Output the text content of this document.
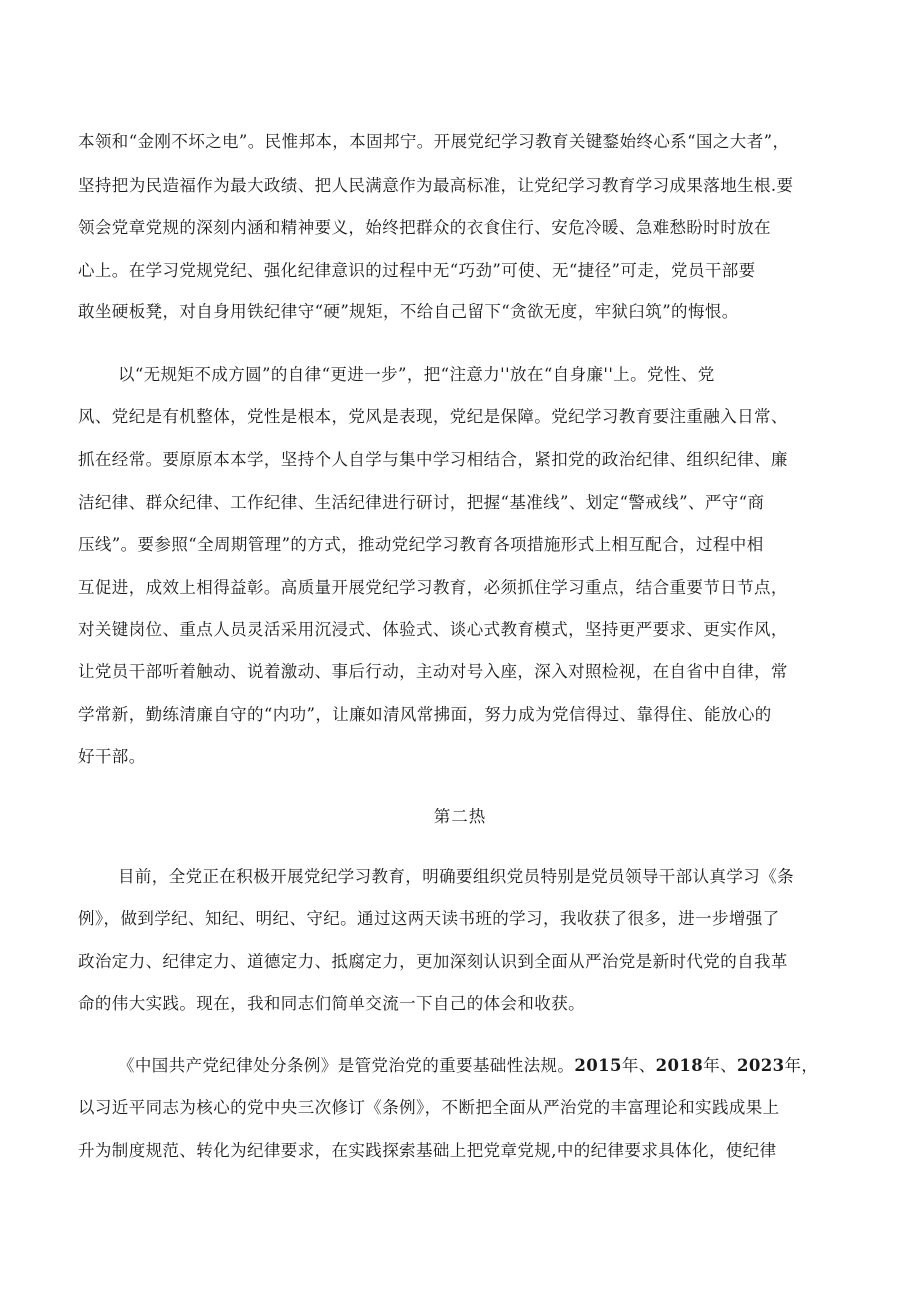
本领和“金刚不坏之电”。民惟邦本，本固邦宁。开展党纪学习教育关键鍪始终心系“国之大者”，
坚持把为民造福作为最大政绩、把人民满意作为最高标准，让党纪学习教育学习成果落地生根.要
领会党章党规的深刻内涵和精神要义，始终把群众的衣食住行、安危冷暖、急难愁盼时时放在
心上。在学习党规党纪、强化纪律意识的过程中无“巧劲”可使、无“捷径”可走，党员干部要
敢坐硬板凳，对自身用铁纪律守“硬”规矩，不给自己留下“贪欲无度，牢狱臼筑”的悔恨。
以“无规矩不成方圆”的自律“更进一步”，把“注意力''放在“自身廉''上。党性、党
风、党纪是有机整体，党性是根本，党风是表现，党纪是保障。党纪学习教育要注重融入日常、
抓在经常。要原原本本学，坚持个人自学与集中学习相结合，紧扣党的政治纪律、组织纪律、廉
洁纪律、群众纪律、工作纪律、生活纪律进行研讨，把握“基准线”、划定“警戒线”、严守“商
压线”。要参照“全周期管理”的方式，推动党纪学习教育各项措施形式上相互配合，过程中相
互促进，成效上相得益彰。高质量开展党纪学习教育，必须抓住学习重点，结合重要节日节点，
对关键岗位、重点人员灵活采用沉浸式、体验式、谈心式教育模式，坚持更严要求、更实作风，
让党员干部听着触动、说着激动、事后行动，主动对号入座，深入对照检视，在自省中自律，常
学常新，勤练清廉自守的“内功”，让廉如清风常拂面，努力成为党信得过、靠得住、能放心的
好干部。
第二热
目前，全党正在积极开展党纪学习教育，明确要组织党员特别是党员领导干部认真学习《条
例》，做到学纪、知纪、明纪、守纪。通过这两天读书班的学习，我收获了很多，进一步增强了
政治定力、纪律定力、道德定力、抵腐定力，更加深刻认识到全面从严治党是新时代党的自我革
命的伟大实践。现在，我和同志们简单交流一下自己的体会和收获。
《中国共产党纪律处分条例》是管党治党的重要基础性法规。2015年、2018年、2023年，
以习近平同志为核心的党中央三次修订《条例》，不断把全面从严治党的丰富理论和实践成果上
升为制度规范、转化为纪律要求，在实践探索基础上把党章党规,中的纪律要求具体化，使纪律
